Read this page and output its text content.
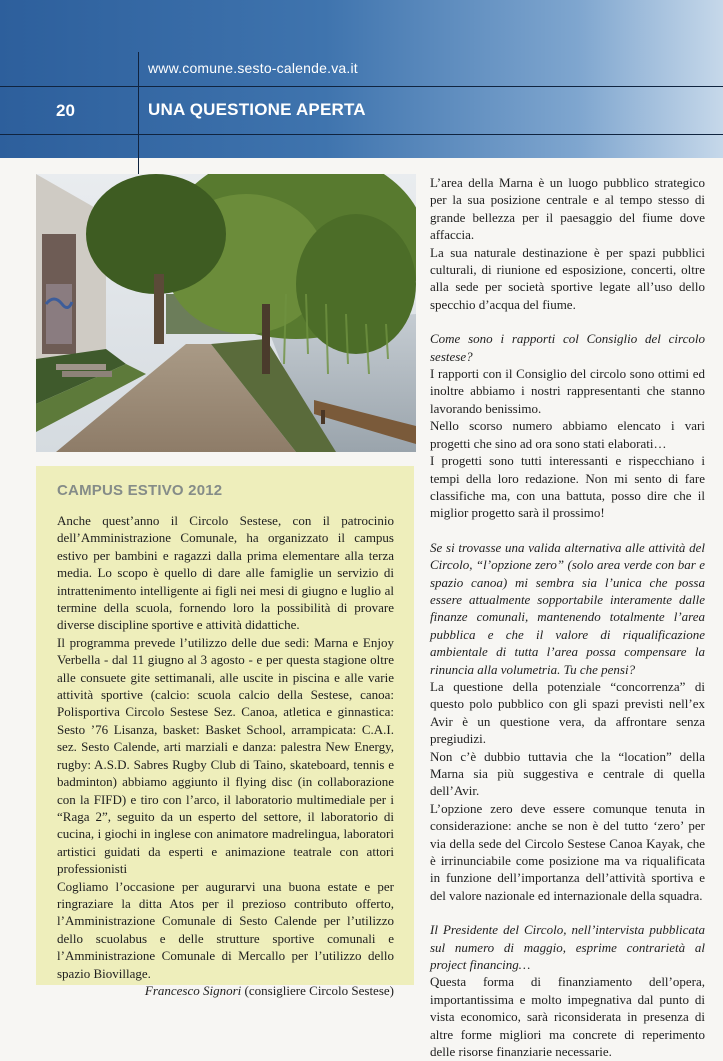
www.comune.sesto-calende.va.it
20	UNA QUESTIONE APERTA
CAMPUS ESTIVO 2012

Anche quest’anno il Circolo Sestese, con il patrocinio dell’Amministrazione Comunale, ha organizzato il campus estivo per bambini e ragazzi dalla prima elementare alla terza media. Lo scopo è quello di dare alle famiglie un servizio di intrattenimento intelligente ai figli nei mesi di giugno e luglio al termine della scuola, fornendo loro la possibilità di provare diverse discipline sportive e attività didattiche.

Il programma prevede l’utilizzo delle due sedi: Marna e Enjoy Verbella - dal 11 giugno al 3 agosto - e per questa stagione oltre alle consuete gite settimanali, alle uscite in piscina e alle varie attività sportive (calcio: scuola calcio della Sestese, canoa: Polisportiva Circolo Sestese Sez. Canoa, atletica e ginnastica: Sesto ’76 Lisanza, basket: Basket School, arrampicata: C.A.I. sez. Sesto Calende, arti marziali e danza: palestra New Energy, rugby: A.S.D. Sabres Rugby Club di Taino, skateboard, tennis e badminton) abbiamo aggiunto il flying disc (in collaborazione con la FIFD) e tiro con l’arco, il laboratorio multimediale per i “Raga 2”, seguito da un esperto del settore, il laboratorio di cucina, i giochi in inglese con animatore madrelingua, laboratori artistici guidati da esperti e animazione teatrale con attori professionisti

Cogliamo l’occasione per augurarvi una buona estate e per ringraziare la ditta Atos per il prezioso contributo offerto, l’Amministrazione Comunale di Sesto Calende per l’utilizzo dello scuolabus e delle strutture sportive comunali e l’Amministrazione Comunale di Mercallo per l’utilizzo dello spazio Biovillage.

Francesco Signori (consigliere Circolo Sestese)

L’area della Marna è un luogo pubblico strategico per la sua posizione centrale e al tempo stesso di grande bellezza per il paesaggio del fiume dove affaccia.

La sua naturale destinazione è per spazi pubblici culturali, di riunione ed esposizione, concerti, oltre alla sede per società sportive legate all’uso dello specchio d’acqua del fiume.

Come sono i rapporti col Consiglio del circolo sestese?

I rapporti con il Consiglio del circolo sono ottimi ed inoltre abbiamo i nostri rappresentanti che stanno lavorando benissimo.

Nello scorso numero abbiamo elencato i vari progetti che sino ad ora sono stati elaborati…

I progetti sono tutti interessanti e rispecchiano i tempi della loro redazione. Non mi sento di fare classifiche ma, con una battuta, posso dire che il miglior progetto sarà il prossimo!

Se si trovasse una valida alternativa alle attività del Circolo, “l’opzione zero” (solo area verde con bar e spazio canoa) mi sembra sia l’unica che possa essere attualmente sopportabile interamente dalle finanze comunali, mantenendo totalmente l’area pubblica e che il valore di riqualificazione ambientale di tutta l’area possa compensare la rinuncia alla volumetria. Tu che pensi?

La questione della potenziale “concorrenza” di questo polo pubblico con gli spazi previsti nell’ex Avir è un questione vera, da affrontare senza pregiudizi.

Non c’è dubbio tuttavia che la “location” della Marna sia più suggestiva e centrale di quella dell’Avir.

L’opzione zero deve essere comunque tenuta in considerazione: anche se non è del tutto ‘zero’ per via della sede del Circolo Sestese Canoa Kayak, che è irrinunciabile come posizione ma va riqualificata in funzione dell’importanza dell’attività sportiva e del valore nazionale ed internazionale della squadra.

Il Presidente del Circolo, nell’intervista pubblicata sul numero di maggio, esprime contrarietà al project financing…

Questa forma di finanziamento dell’opera, importantissima e molto impegnativa dal punto di vista economico, sarà riconsiderata in presenza di altre forme migliori ma concrete di reperimento delle risorse finanziarie necessarie.
